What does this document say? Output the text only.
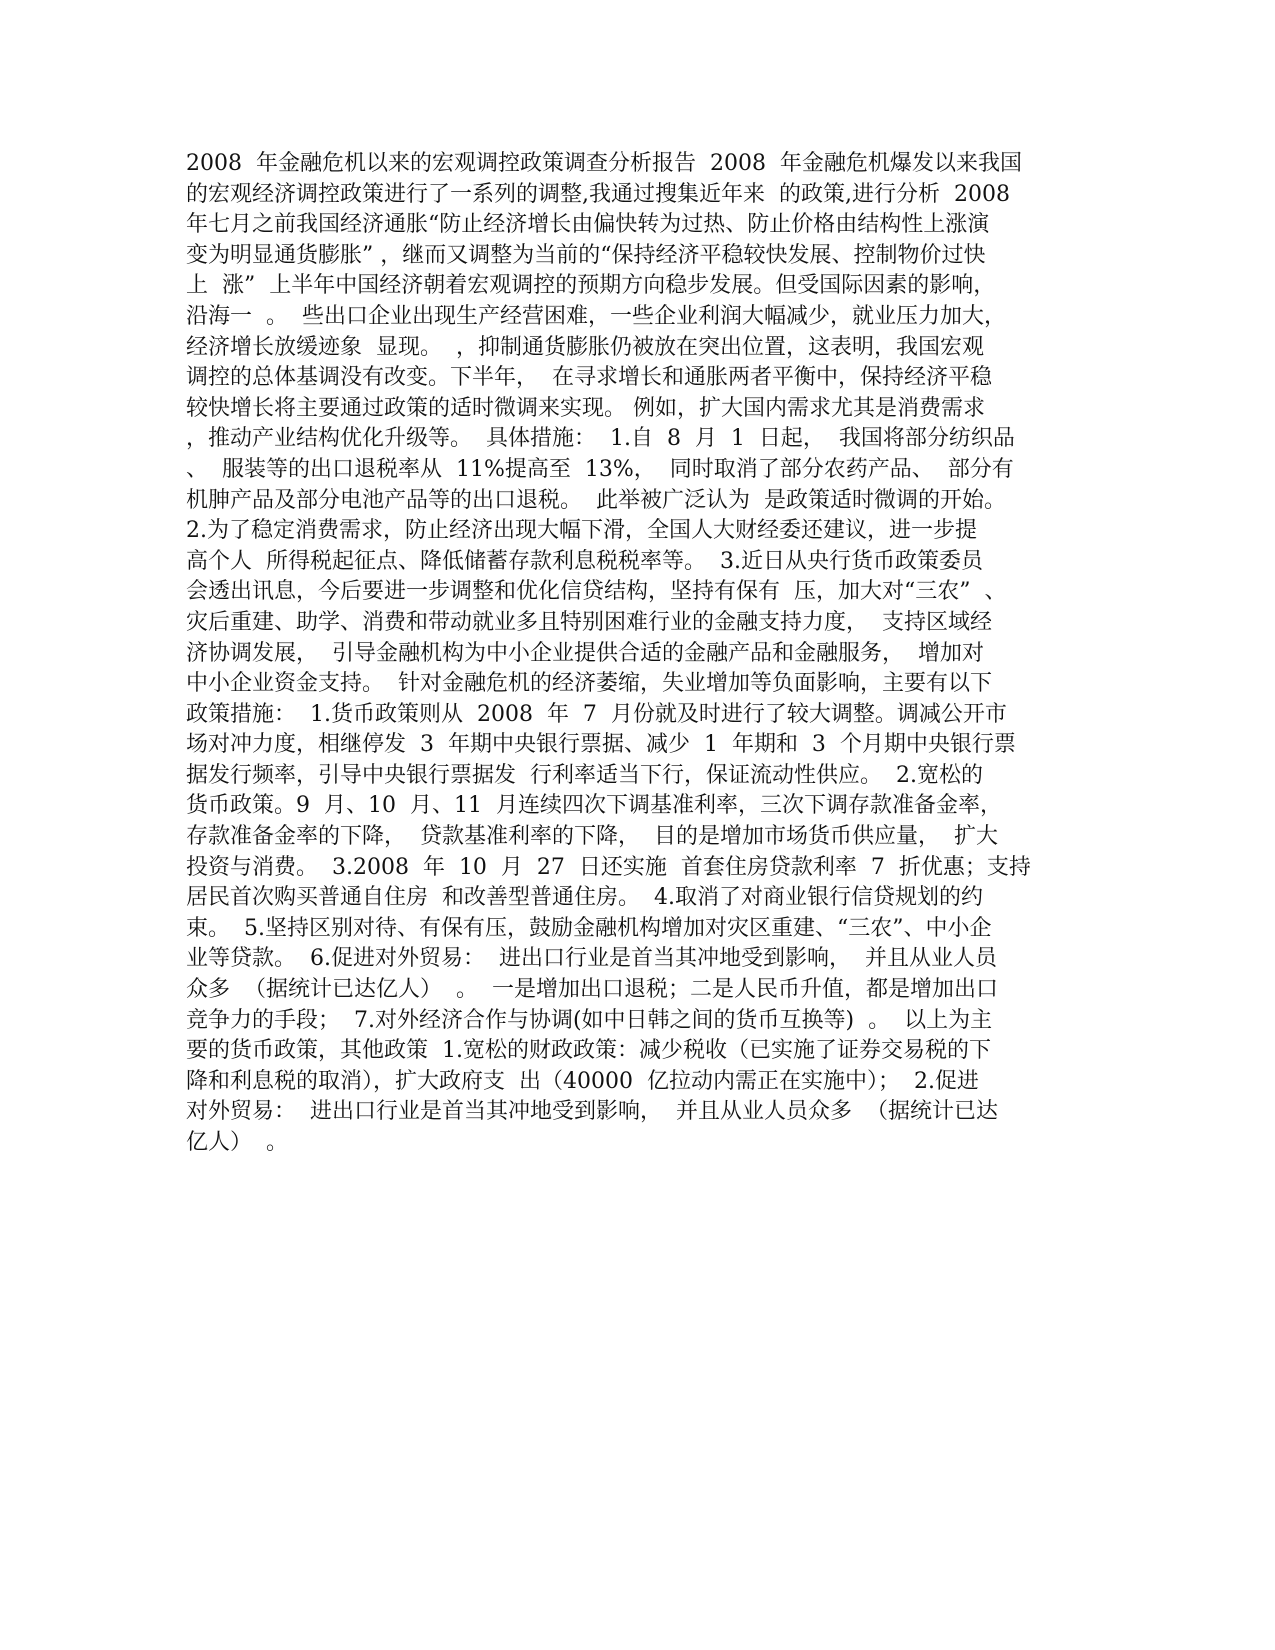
2008  年金融危机以来的宏观调控政策调查分析报告  2008  年金融危机爆发以来我国
的宏观经济调控政策进行了一系列的调整,我通过搜集近年来  的政策,进行分析  2008
年七月之前我国经济通胀“防止经济增长由偏快转为过热、防止价格由结构性上涨演
变为明显通货膨胀” ，继而又调整为当前的“保持经济平稳较快发展、控制物价过快
上  涨”  上半年中国经济朝着宏观调控的预期方向稳步发展。但受国际因素的影响，
沿海一  。  些出口企业出现生产经营困难，一些企业利润大幅减少，就业压力加大，
经济增长放缓迹象  显现。  ，抑制通货膨胀仍被放在突出位置，这表明，我国宏观
调控的总体基调没有改变。下半年，  在寻求增长和通胀两者平衡中，保持经济平稳
较快增长将主要通过政策的适时微调来实现。 例如，扩大国内需求尤其是消费需求
，推动产业结构优化升级等。  具体措施：  1.自  8  月  1  日起，  我国将部分纺织品
、  服装等的出口退税率从  11%提高至  13%，  同时取消了部分农药产品、  部分有
机胂产品及部分电池产品等的出口退税。  此举被广泛认为  是政策适时微调的开始。
2.为了稳定消费需求，防止经济出现大幅下滑，全国人大财经委还建议，进一步提
高个人  所得税起征点、降低储蓄存款利息税税率等。  3.近日从央行货币政策委员
会透出讯息，今后要进一步调整和优化信贷结构，坚持有保有  压，加大对“三农”  、
灾后重建、助学、消费和带动就业多且特别困难行业的金融支持力度，  支持区域经
济协调发展，  引导金融机构为中小企业提供合适的金融产品和金融服务，  增加对
中小企业资金支持。  针对金融危机的经济萎缩，失业增加等负面影响，主要有以下
政策措施：  1.货币政策则从  2008  年  7  月份就及时进行了较大调整。调减公开市
场对冲力度，相继停发  3  年期中央银行票据、减少  1  年期和  3  个月期中央银行票
据发行频率，引导中央银行票据发  行利率适当下行，保证流动性供应。  2.宽松的
货币政策。9  月、10  月、11  月连续四次下调基准利率，三次下调存款准备金率，
存款准备金率的下降，  贷款基准利率的下降，  目的是增加市场货币供应量，  扩大
投资与消费。  3.2008  年  10  月  27  日还实施  首套住房贷款利率  7  折优惠；支持
居民首次购买普通自住房  和改善型普通住房。  4.取消了对商业银行信贷规划的约
束。  5.坚持区别对待、有保有压，鼓励金融机构增加对灾区重建、“三农”、中小企
业等贷款。  6.促进对外贸易：  进出口行业是首当其冲地受到影响，  并且从业人员
众多  （据统计已达亿人）  。  一是增加出口退税；二是人民币升值，都是增加出口
竞争力的手段；  7.对外经济合作与协调(如中日韩之间的货币互换等)  。  以上为主
要的货币政策，其他政策  1.宽松的财政政策：减少税收（已实施了证券交易税的下
降和利息税的取消），扩大政府支  出（40000  亿拉动内需正在实施中）；  2.促进
对外贸易：  进出口行业是首当其冲地受到影响，  并且从业人员众多  （据统计已达
亿人）  。
